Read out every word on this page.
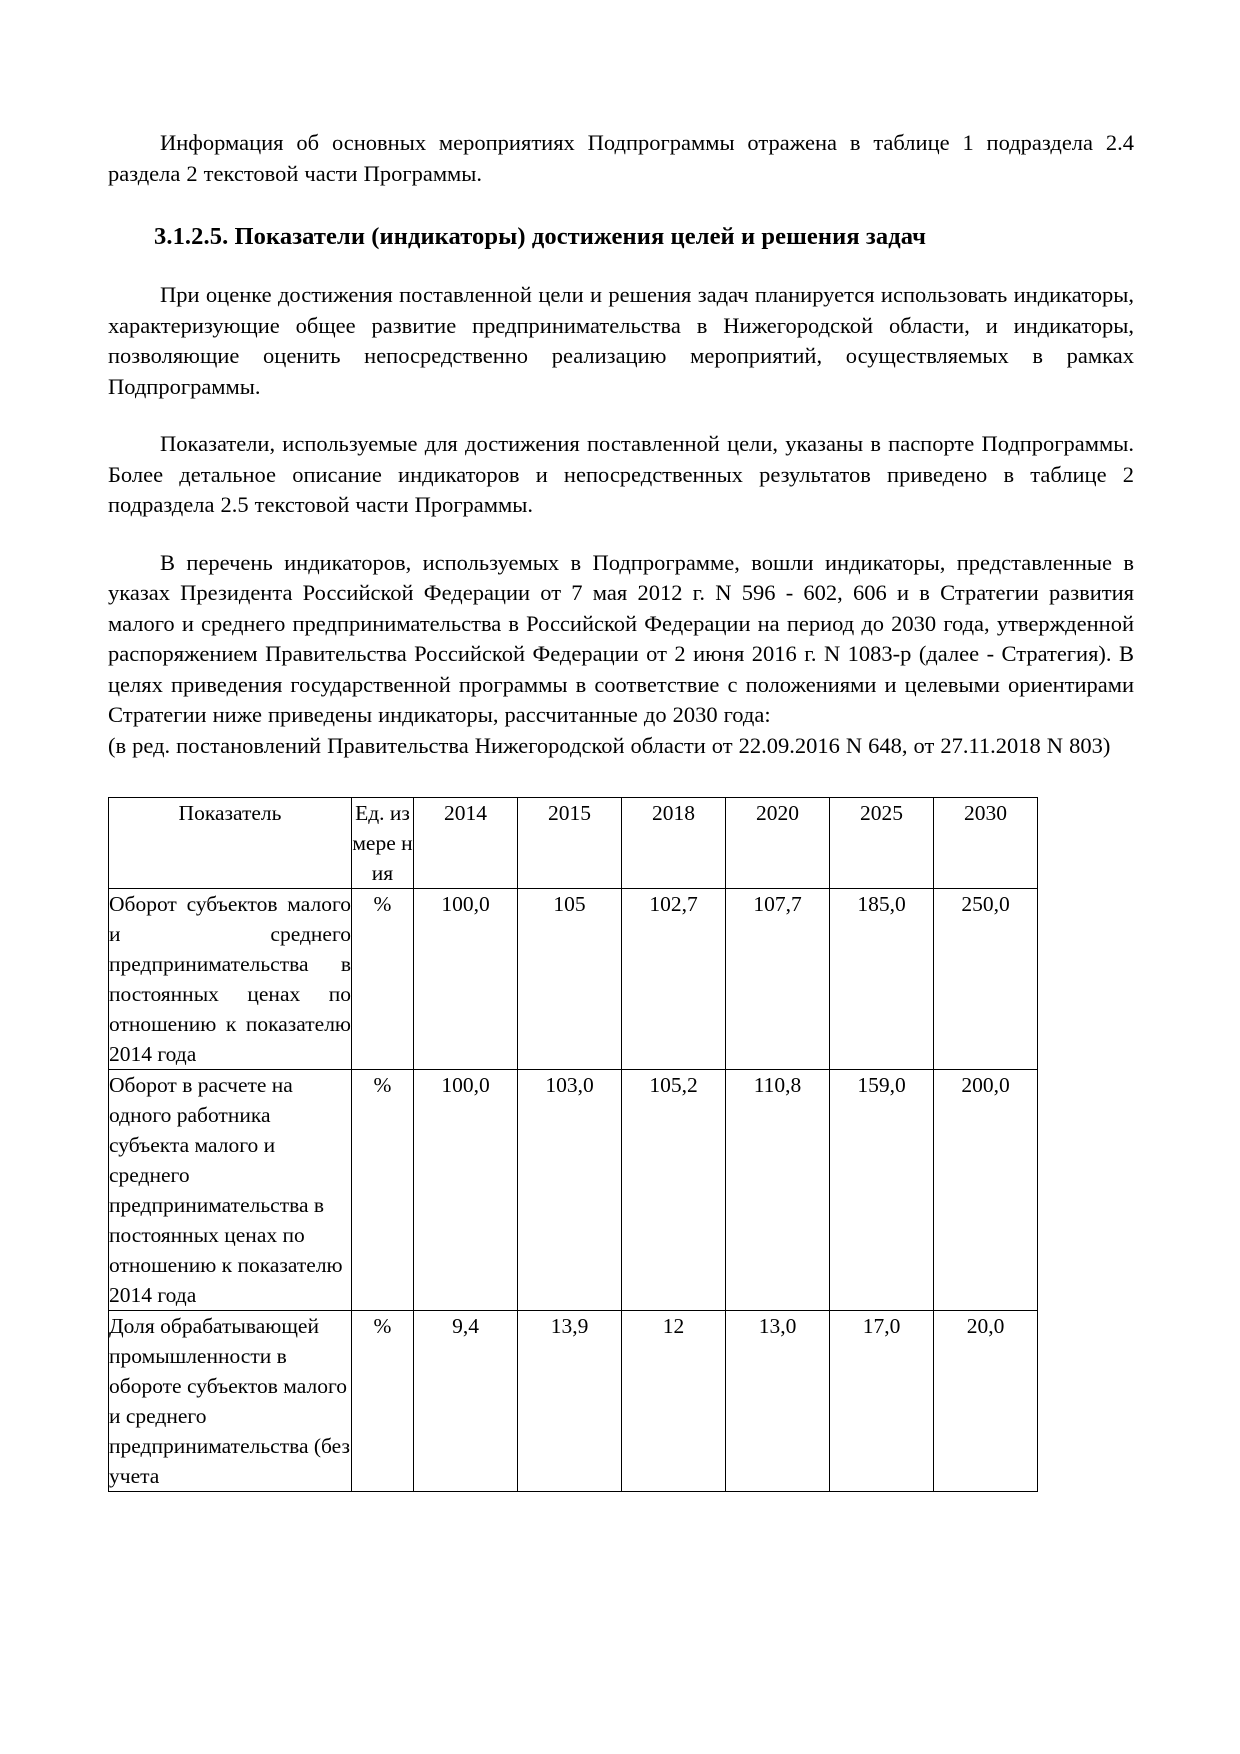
Информация об основных мероприятиях Подпрограммы отражена в таблице 1 подраздела 2.4 раздела 2 текстовой части Программы.

3.1.2.5. Показатели (индикаторы) достижения целей и решения задач

При оценке достижения поставленной цели и решения задач планируется использовать индикаторы, характеризующие общее развитие предпринимательства в Нижегородской области, и индикаторы, позволяющие оценить непосредственно реализацию мероприятий, осуществляемых в рамках Подпрограммы.

Показатели, используемые для достижения поставленной цели, указаны в паспорте Подпрограммы. Более детальное описание индикаторов и непосредственных результатов приведено в таблице 2 подраздела 2.5 текстовой части Программы.

В перечень индикаторов, используемых в Подпрограмме, вошли индикаторы, представленные в указах Президента Российской Федерации от 7 мая 2012 г. N 596 - 602, 606 и в Стратегии развития малого и среднего предпринимательства в Российской Федерации на период до 2030 года, утвержденной распоряжением Правительства Российской Федерации от 2 июня 2016 г. N 1083-р (далее - Стратегия). В целях приведения государственной программы в соответствие с положениями и целевыми ориентирами Стратегии ниже приведены индикаторы, рассчитанные до 2030 года:

(в ред. постановлений Правительства Нижегородской области от 22.09.2016 N 648, от 27.11.2018 N 803)

Показатель	Ед. измере ния	2014	2015	2018	2020	2025	2030
Оборот субъектов малого и среднего предпринимательства в постоянных ценах по отношению к показателю 2014 года	%	100,0	105	102,7	107,7	185,0	250,0
Оборот в расчете на одного работника субъекта малого и среднего предпринимательства в постоянных ценах по отношению к показателю 2014 года	%	100,0	103,0	105,2	110,8	159,0	200,0
Доля обрабатывающей промышленности в обороте субъектов малого и среднего предпринимательства (без учета	%	9,4	13,9	12	13,0	17,0	20,0
